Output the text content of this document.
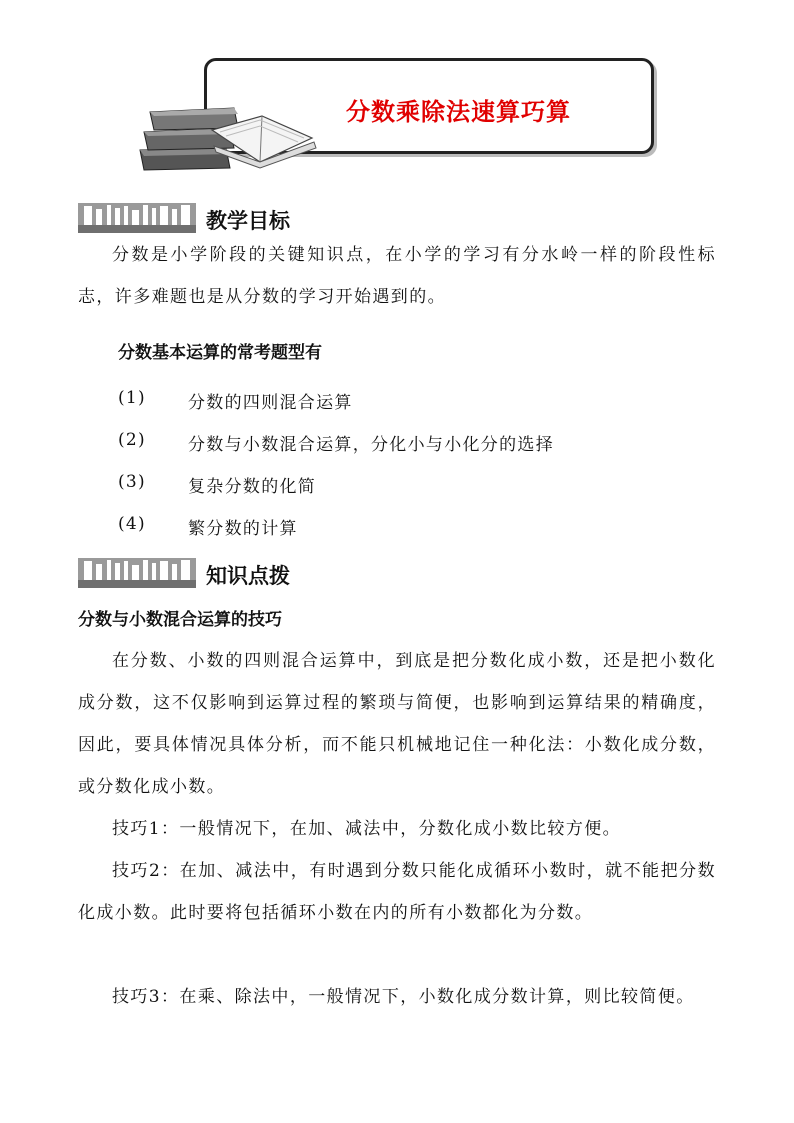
分数乘除法速算巧算
教学目标

分数是小学阶段的关键知识点，在小学的学习有分水岭一样的阶段性标志，许多难题也是从分数的学习开始遇到的。

分数基本运算的常考题型有
(1) 分数的四则混合运算
(2) 分数与小数混合运算，分化小与小化分的选择
(3) 复杂分数的化简
(4) 繁分数的计算
知识点拨
分数与小数混合运算的技巧

在分数、小数的四则混合运算中，到底是把分数化成小数，还是把小数化成分数，这不仅影响到运算过程的繁琐与简便，也影响到运算结果的精确度，因此，要具体情况具体分析，而不能只机械地记住一种化法：小数化成分数，或分数化成小数。

技巧1：一般情况下，在加、减法中，分数化成小数比较方便。

技巧2：在加、减法中，有时遇到分数只能化成循环小数时，就不能把分数化成小数。此时要将包括循环小数在内的所有小数都化为分数。

技巧3：在乘、除法中，一般情况下，小数化成分数计算，则比较简便。
